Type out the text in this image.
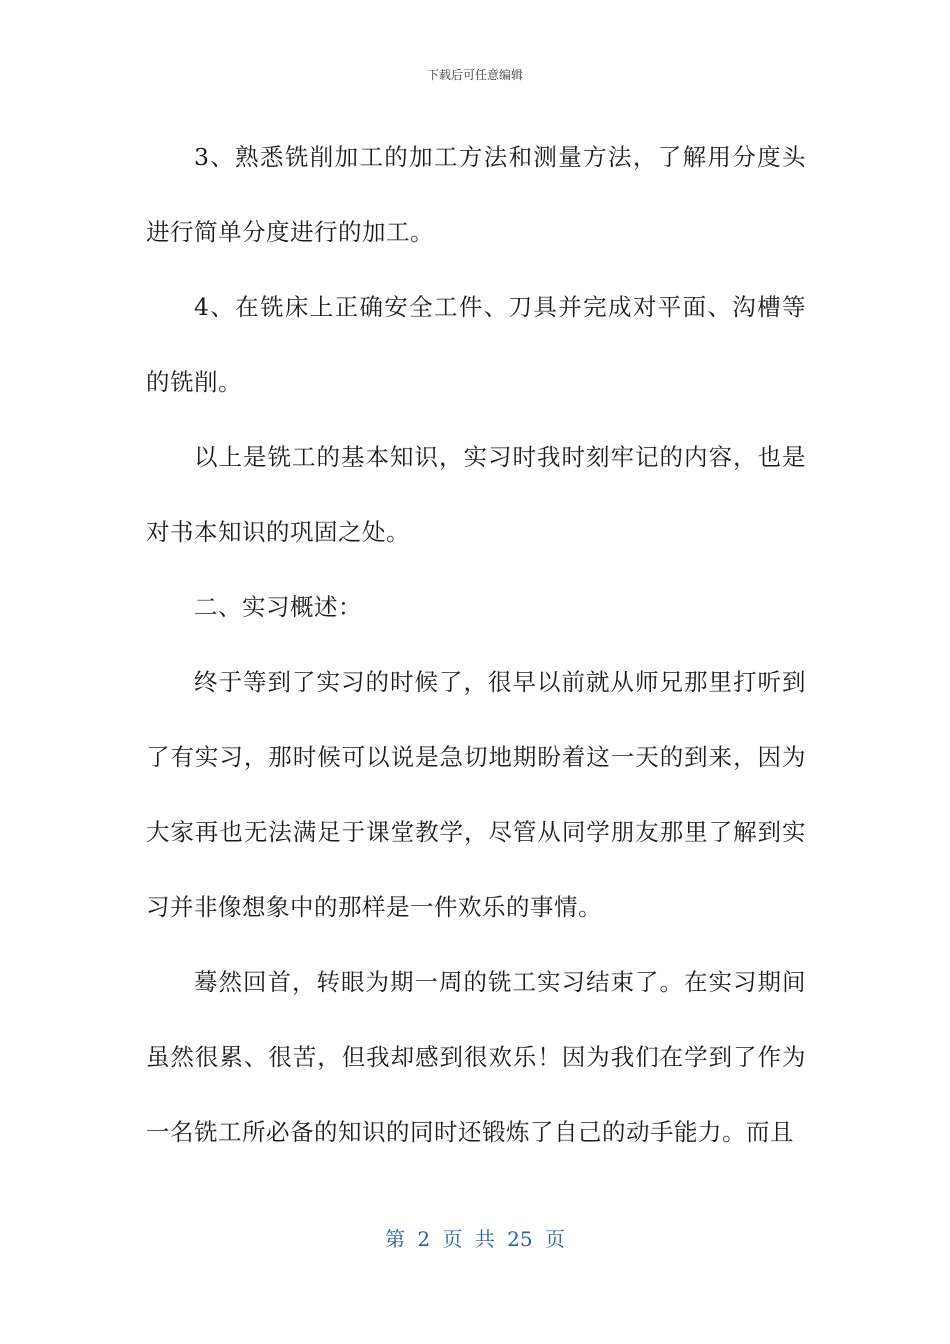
下载后可任意编辑

3、熟悉铣削加工的加工方法和测量方法，了解用分度头进行简单分度进行的加工。

4、在铣床上正确安全工件、刀具并完成对平面、沟槽等的铣削。

以上是铣工的基本知识，实习时我时刻牢记的内容，也是对书本知识的巩固之处。

二、实习概述：

终于等到了实习的时候了，很早以前就从师兄那里打听到了有实习，那时候可以说是急切地期盼着这一天的到来，因为大家再也无法满足于课堂教学，尽管从同学朋友那里了解到实习并非像想象中的那样是一件欢乐的事情。

蓦然回首，转眼为期一周的铣工实习结束了。在实习期间虽然很累、很苦，但我却感到很欢乐！因为我们在学到了作为一名铣工所必备的知识的同时还锻炼了自己的动手能力。而且

第 2 页 共 25 页
